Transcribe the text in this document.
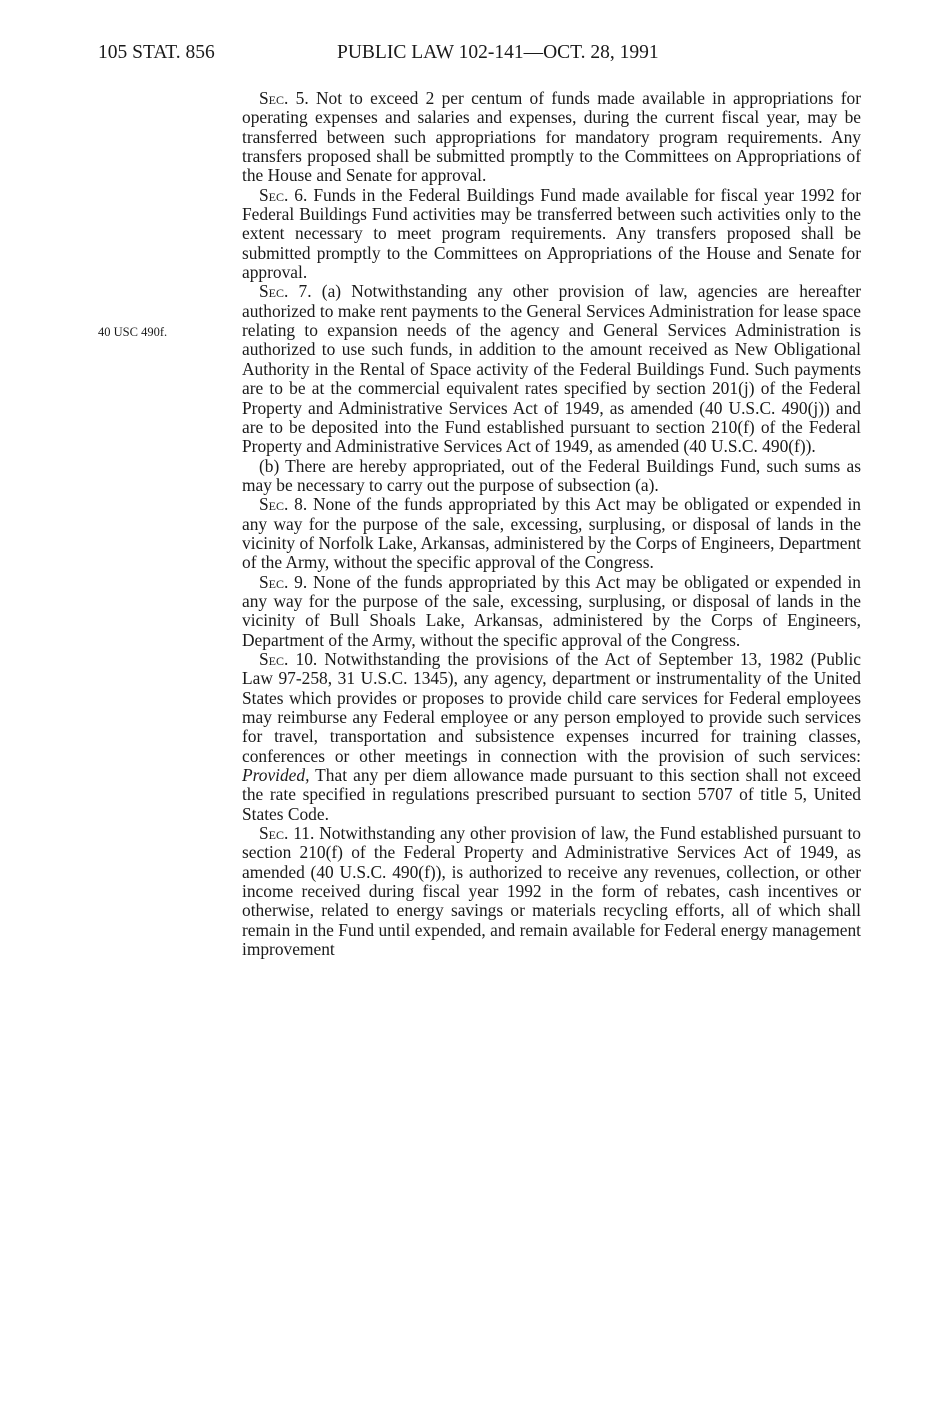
105 STAT. 856	PUBLIC LAW 102-141—OCT. 28, 1991
40 USC 490f.

Sec. 5. Not to exceed 2 per centum of funds made available in appropriations for operating expenses and salaries and expenses, during the current fiscal year, may be transferred between such appropriations for mandatory program requirements. Any transfers proposed shall be submitted promptly to the Committees on Appropriations of the House and Senate for approval.

Sec. 6. Funds in the Federal Buildings Fund made available for fiscal year 1992 for Federal Buildings Fund activities may be transferred between such activities only to the extent necessary to meet program requirements. Any transfers proposed shall be submitted promptly to the Committees on Appropriations of the House and Senate for approval.

Sec. 7. (a) Notwithstanding any other provision of law, agencies are hereafter authorized to make rent payments to the General Services Administration for lease space relating to expansion needs of the agency and General Services Administration is authorized to use such funds, in addition to the amount received as New Obligational Authority in the Rental of Space activity of the Federal Buildings Fund. Such payments are to be at the commercial equivalent rates specified by section 201(j) of the Federal Property and Administrative Services Act of 1949, as amended (40 U.S.C. 490(j)) and are to be deposited into the Fund established pursuant to section 210(f) of the Federal Property and Administrative Services Act of 1949, as amended (40 U.S.C. 490(f)).

(b) There are hereby appropriated, out of the Federal Buildings Fund, such sums as may be necessary to carry out the purpose of subsection (a).

Sec. 8. None of the funds appropriated by this Act may be obligated or expended in any way for the purpose of the sale, excessing, surplusing, or disposal of lands in the vicinity of Norfolk Lake, Arkansas, administered by the Corps of Engineers, Department of the Army, without the specific approval of the Congress.

Sec. 9. None of the funds appropriated by this Act may be obligated or expended in any way for the purpose of the sale, excessing, surplusing, or disposal of lands in the vicinity of Bull Shoals Lake, Arkansas, administered by the Corps of Engineers, Department of the Army, without the specific approval of the Congress.

Sec. 10. Notwithstanding the provisions of the Act of September 13, 1982 (Public Law 97-258, 31 U.S.C. 1345), any agency, department or instrumentality of the United States which provides or proposes to provide child care services for Federal employees may reimburse any Federal employee or any person employed to provide such services for travel, transportation and subsistence expenses incurred for training classes, conferences or other meetings in connection with the provision of such services: Provided, That any per diem allowance made pursuant to this section shall not exceed the rate specified in regulations prescribed pursuant to section 5707 of title 5, United States Code.

Sec. 11. Notwithstanding any other provision of law, the Fund established pursuant to section 210(f) of the Federal Property and Administrative Services Act of 1949, as amended (40 U.S.C. 490(f)), is authorized to receive any revenues, collection, or other income received during fiscal year 1992 in the form of rebates, cash incentives or otherwise, related to energy savings or materials recycling efforts, all of which shall remain in the Fund until expended, and remain available for Federal energy management improvement
